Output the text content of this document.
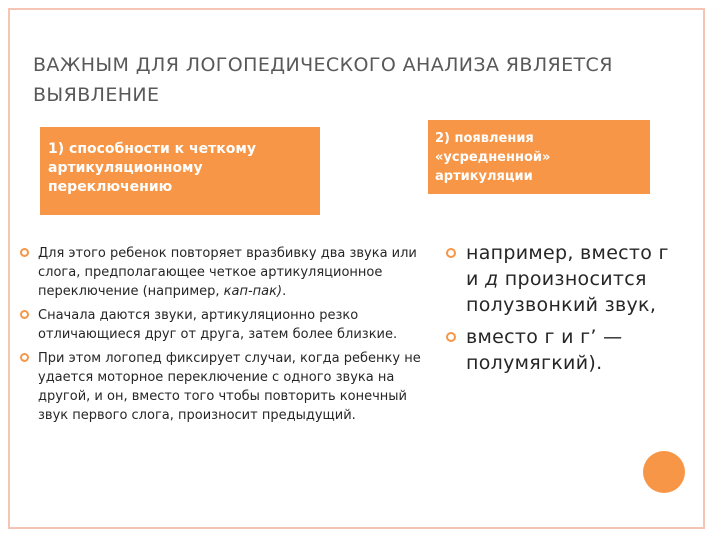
ВАЖНЫМ ДЛЯ ЛОГОПЕДИЧЕСКОГО АНАЛИЗА ЯВЛЯЕТСЯ ВЫЯВЛЕНИЕ
1) способности к четкому артикуляционному переключению
2) появления «усредненной» артикуляции
Для этого ребенок повторяет вразбивку два звука или слога, предполагающее четкое артикуляционное переключение (например, кап-пак).
Сначала даются звуки, артикуляционно резко отличающиеся друг от друга, затем более близкие.
При этом логопед фиксирует случаи, когда ребенку не удается моторное переключение с одного звука на другой, и он, вместо того чтобы повторить конечный звук первого слога, произносит предыдущий.
например, вместо г и д произносится полузвонкий звук,
вместо г и г’ — полумягкий).
